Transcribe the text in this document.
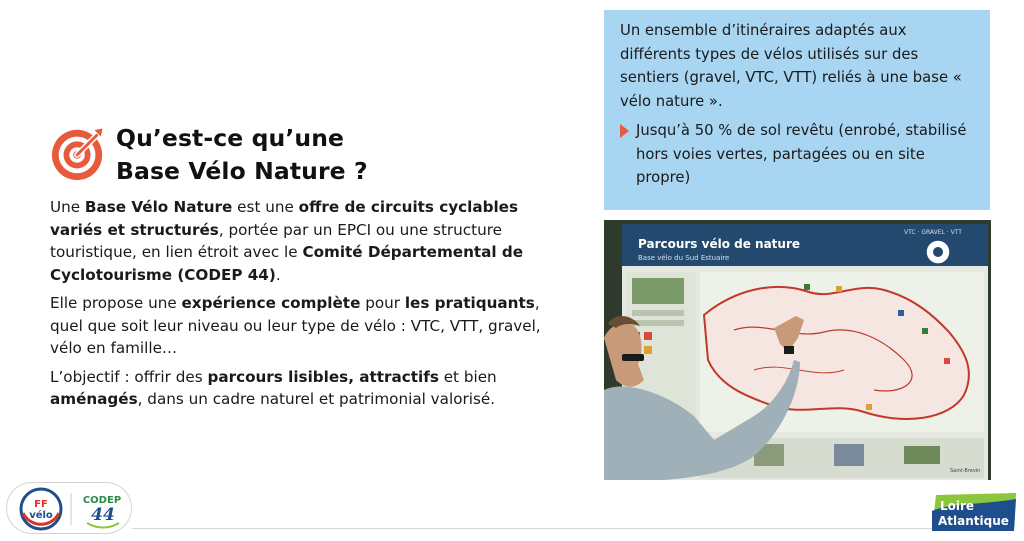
Qu’est-ce qu’une
Base Vélo Nature ?

Une Base Vélo Nature est une offre de circuits cyclables variés et structurés, portée par un EPCI ou une structure touristique, en lien étroit avec le Comité Départemental de Cyclotourisme (CODEP 44).

Elle propose une expérience complète pour les pratiquants, quel que soit leur niveau ou leur type de vélo : VTC, VTT, gravel, vélo en famille…

L’objectif : offrir des parcours lisibles, attractifs et bien aménagés, dans un cadre naturel et patrimonial valorisé.

Un ensemble d’itinéraires adaptés aux différents types de vélos utilisés sur des sentiers (gravel, VTC, VTT) reliés à une base « vélo nature ».

Jusqu’à 50 % de sol revêtu (enrobé, stabilisé hors voies vertes, partagées ou en site propre)
Parcours vélo de nature
Base vélo du Sud Estuaire
VTC · GRAVEL · VTT
Saint-Brevin
FF
vélo
CODEP
44	Loire
Atlantique
